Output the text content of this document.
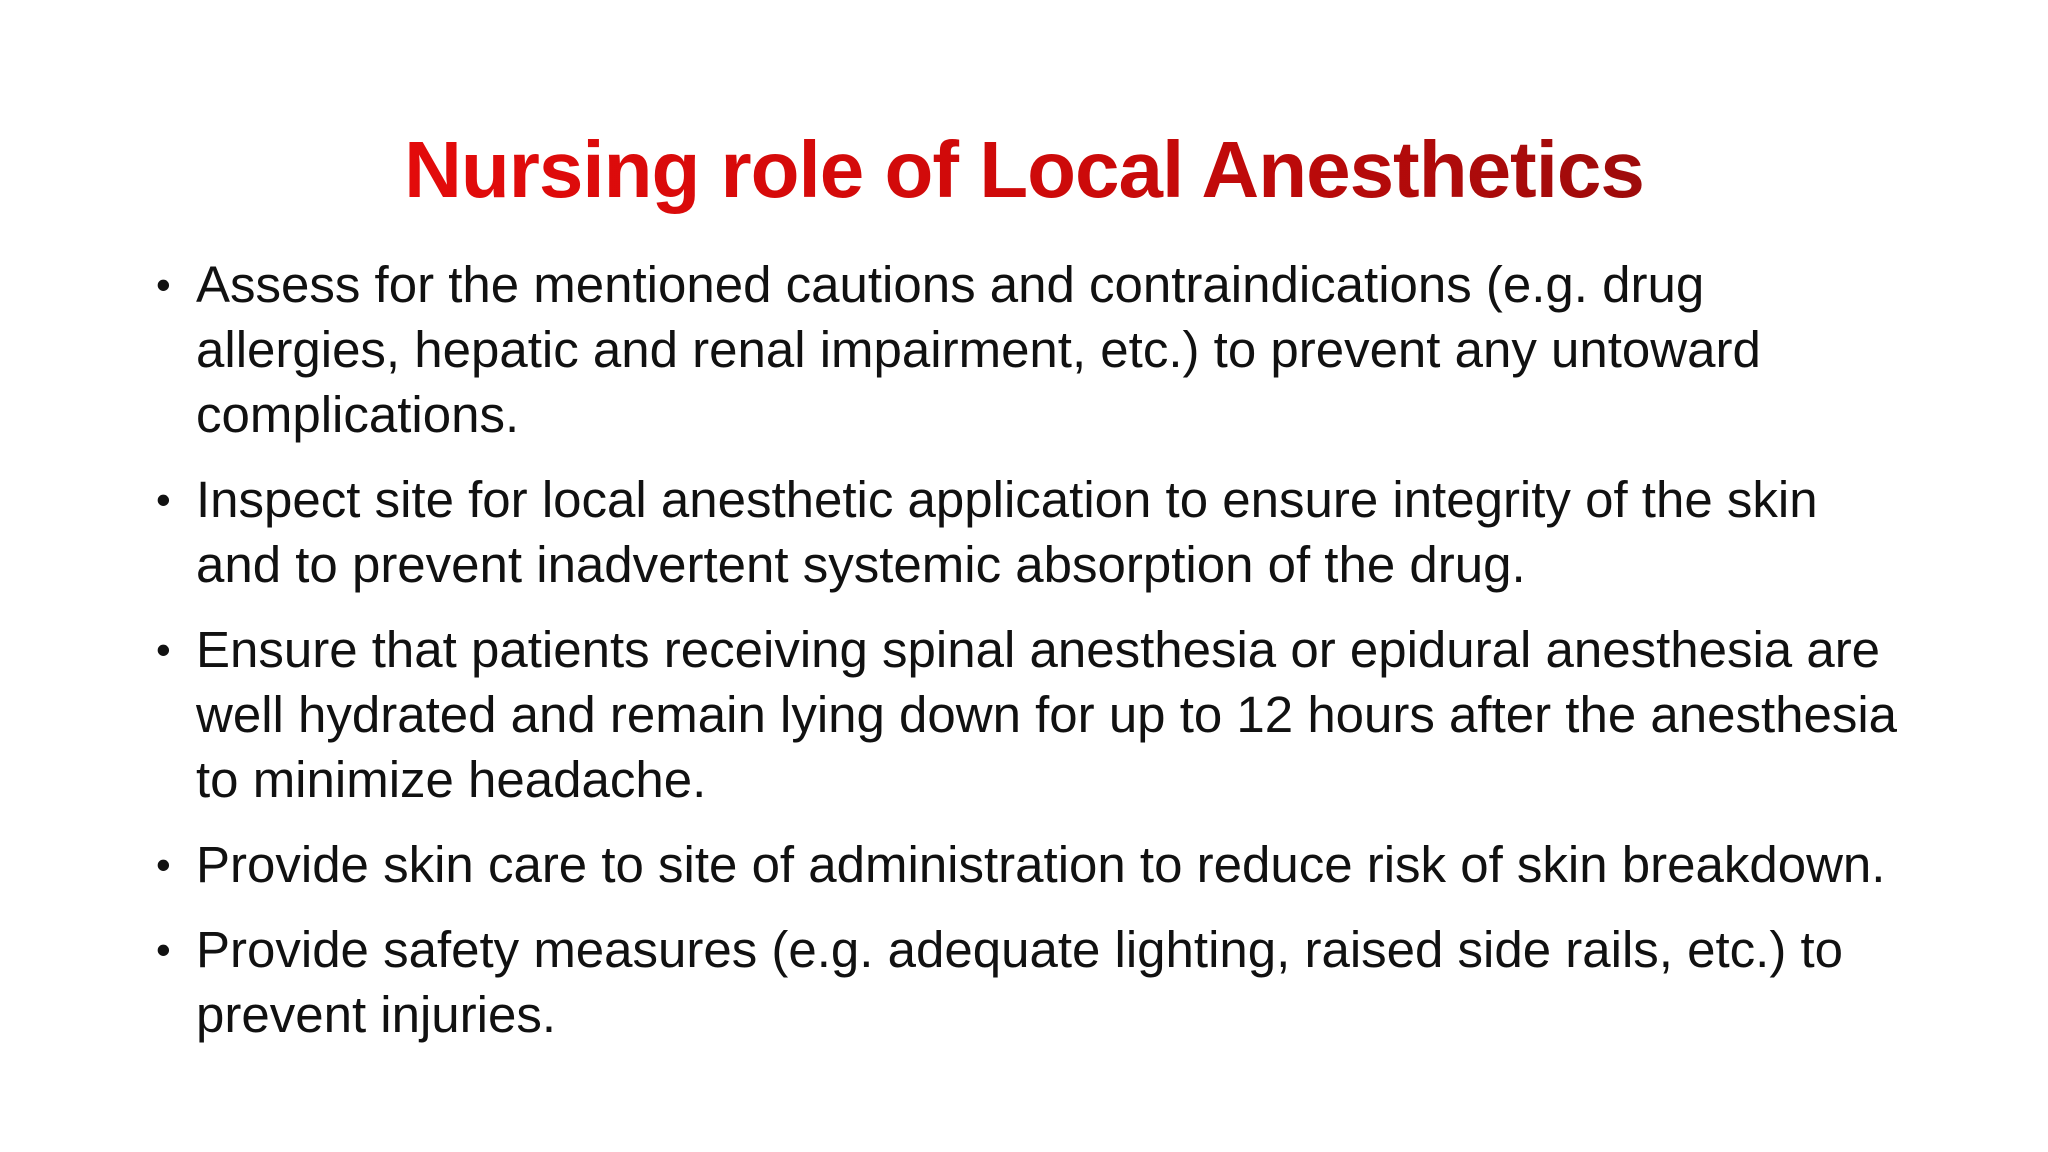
Nursing role of Local Anesthetics
• Assess for the mentioned cautions and contraindications (e.g. drug allergies, hepatic and renal impairment, etc.) to prevent any untoward complications.
• Inspect site for local anesthetic application to ensure integrity of the skin and to prevent inadvertent systemic absorption of the drug.
• Ensure that patients receiving spinal anesthesia or epidural anesthesia are well hydrated and remain lying down for up to 12 hours after the anesthesia to minimize headache.
• Provide skin care to site of administration to reduce risk of skin breakdown.
• Provide safety measures (e.g. adequate lighting, raised side rails, etc.) to prevent injuries.
